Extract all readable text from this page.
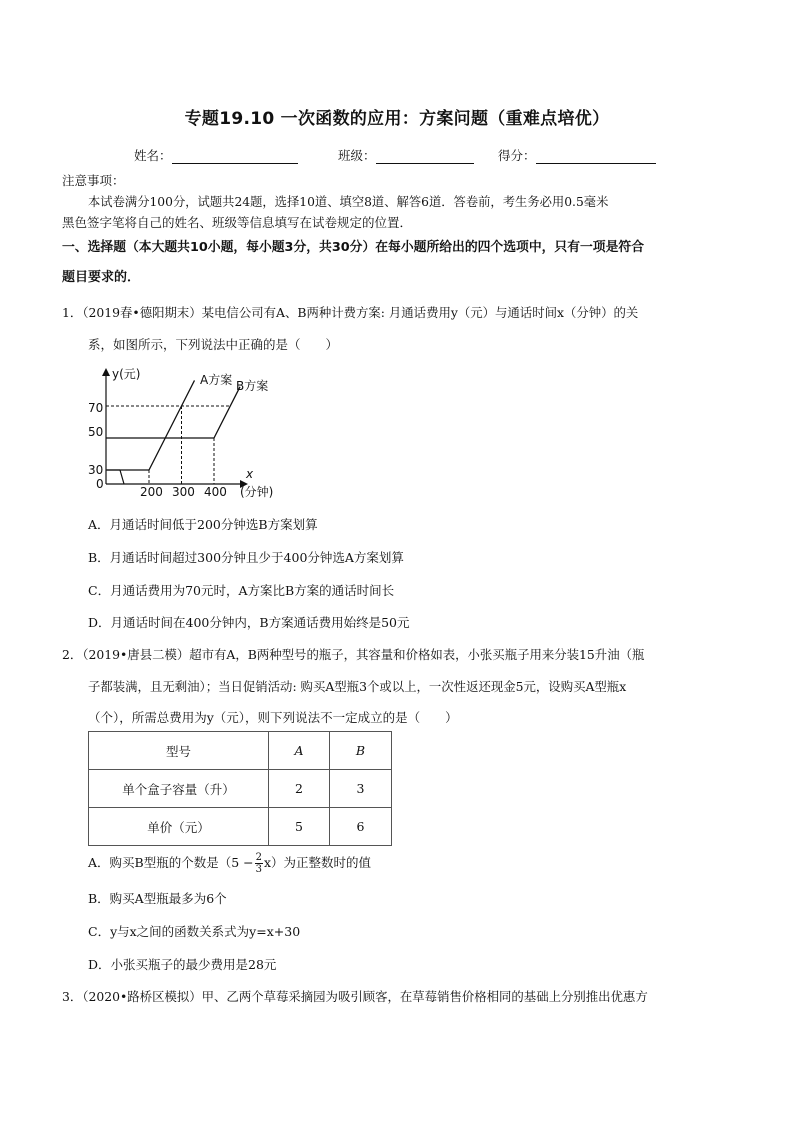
专题19.10 一次函数的应用：方案问题（重难点培优）
姓名：	班级：	得分：
注意事项：
本试卷满分100分，试题共24题，选择10道、填空8道、解答6道．答卷前，考生务必用0.5毫米
黑色签字笔将自己的姓名、班级等信息填写在试卷规定的位置．
一、选择题（本大题共10小题，每小题3分，共30分）在每小题所给出的四个选项中，只有一项是符合
题目要求的．
1．（2019春•德阳期末）某电信公司有A、B两种计费方案: 月通话费用y（元）与通话时间x（分钟）的关
系，如图所示，下列说法中正确的是（　　）
y(元)
x
(分钟)
0
200 300 400
70
50
30
A方案 B方案
A．月通话时间低于200分钟选B方案划算
B．月通话时间超过300分钟且少于400分钟选A方案划算
C．月通话费用为70元时，A方案比B方案的通话时间长
D．月通话时间在400分钟内，B方案通话费用始终是50元
2．（2019•唐县二模）超市有A，B两种型号的瓶子，其容量和价格如表，小张买瓶子用来分装15升油（瓶
子都装满，且无剩油）；当日促销活动: 购买A型瓶3个或以上，一次性返还现金5元，设购买A型瓶x
（个），所需总费用为y（元），则下列说法不一定成立的是（　　）
型号	A	B
单个盒子容量（升）	2	3
单价（元）	5	6
A．购买B型瓶的个数是$(5 - \frac{2}{3} x)$为正整数时的值
B．购买A型瓶最多为6个
C．y与x之间的函数关系式为y=x+30
D．小张买瓶子的最少费用是28元
3．（2020•路桥区模拟）甲、乙两个草莓采摘园为吸引顾客，在草莓销售价格相同的基础上分别推出优惠方
